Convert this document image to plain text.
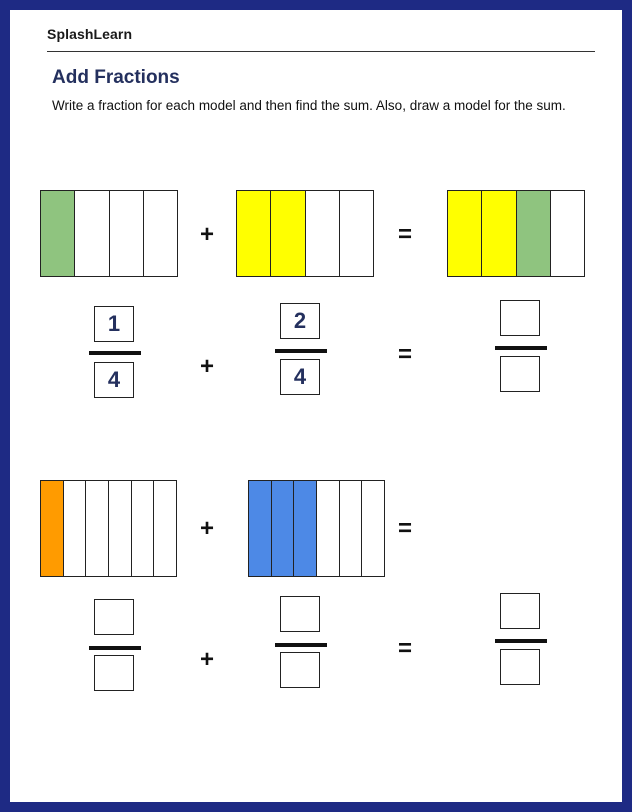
SplashLearn
Add Fractions
Write a fraction for each model and then find the sum. Also, draw a model for the sum.
+	=
$\frac{1}{4}$
+
$\frac{2}{4}$
=
+	=
+	=
